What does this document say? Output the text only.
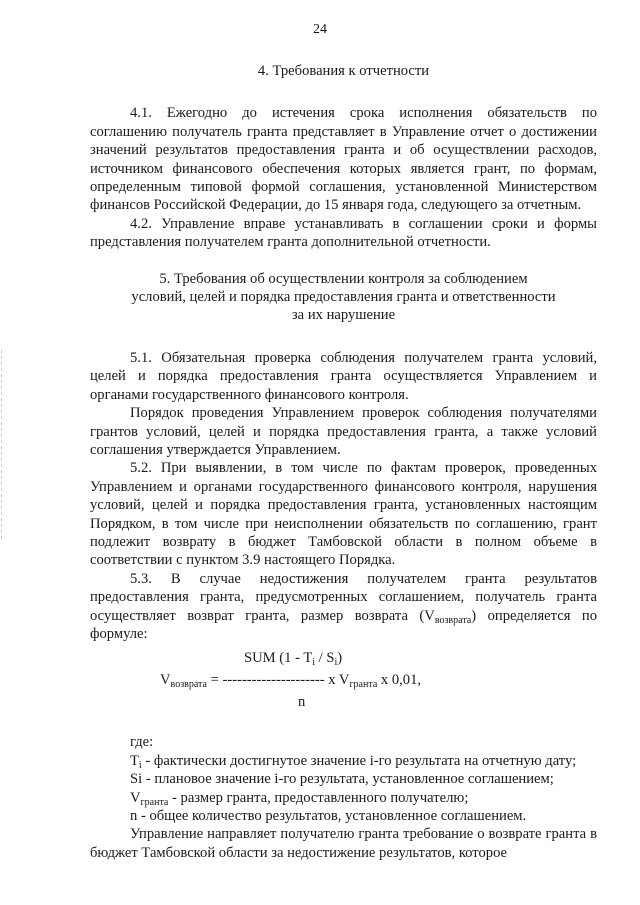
24

4. Требования к отчетности

4.1. Ежегодно до истечения срока исполнения обязательств по соглашению получатель гранта представляет в Управление отчет о достижении значений результатов предоставления гранта и об осуществлении расходов, источником финансового обеспечения которых является грант, по формам, определенным типовой формой соглашения, установленной Министерством финансов Российской Федерации, до 15 января года, следующего за отчетным.

4.2. Управление вправе устанавливать в соглашении сроки и формы представления получателем гранта дополнительной отчетности.

5. Требования об осуществлении контроля за соблюдением

условий, целей и порядка предоставления гранта и ответственности

за их нарушение

5.1. Обязательная проверка соблюдения получателем гранта условий, целей и порядка предоставления гранта осуществляется Управлением и органами государственного финансового контроля.

Порядок проведения Управлением проверок соблюдения получателями грантов условий, целей и порядка предоставления гранта, а также условий соглашения утверждается Управлением.

5.2. При выявлении, в том числе по фактам проверок, проведенных Управлением и органами государственного финансового контроля, нарушения условий, целей и порядка предоставления гранта, установленных настоящим Порядком, в том числе при неисполнении обязательств по соглашению, грант подлежит возврату в бюджет Тамбовской области в полном объеме в соответствии с пунктом 3.9 настоящего Порядка.

5.3. В случае недостижения получателем гранта результатов предоставления гранта, предусмотренных соглашением, получатель гранта осуществляет возврат гранта, размер возврата $(V_{возврата})$ определяется по формуле:

SUM $(1 - T_i / S_i)$
$V_{возврата}$ = --------------------- x $V_{гранта}$ x 0,01,
n

где:

$T_i$ - фактически достигнутое значение i-го результата на отчетную дату;

Si - плановое значение i-го результата, установленное соглашением;

$V_{гранта}$ - размер гранта, предоставленного получателю;

n - общее количество результатов, установленное соглашением.

Управление направляет получателю гранта требование о возврате гранта в бюджет Тамбовской области за недостижение результатов, которое
